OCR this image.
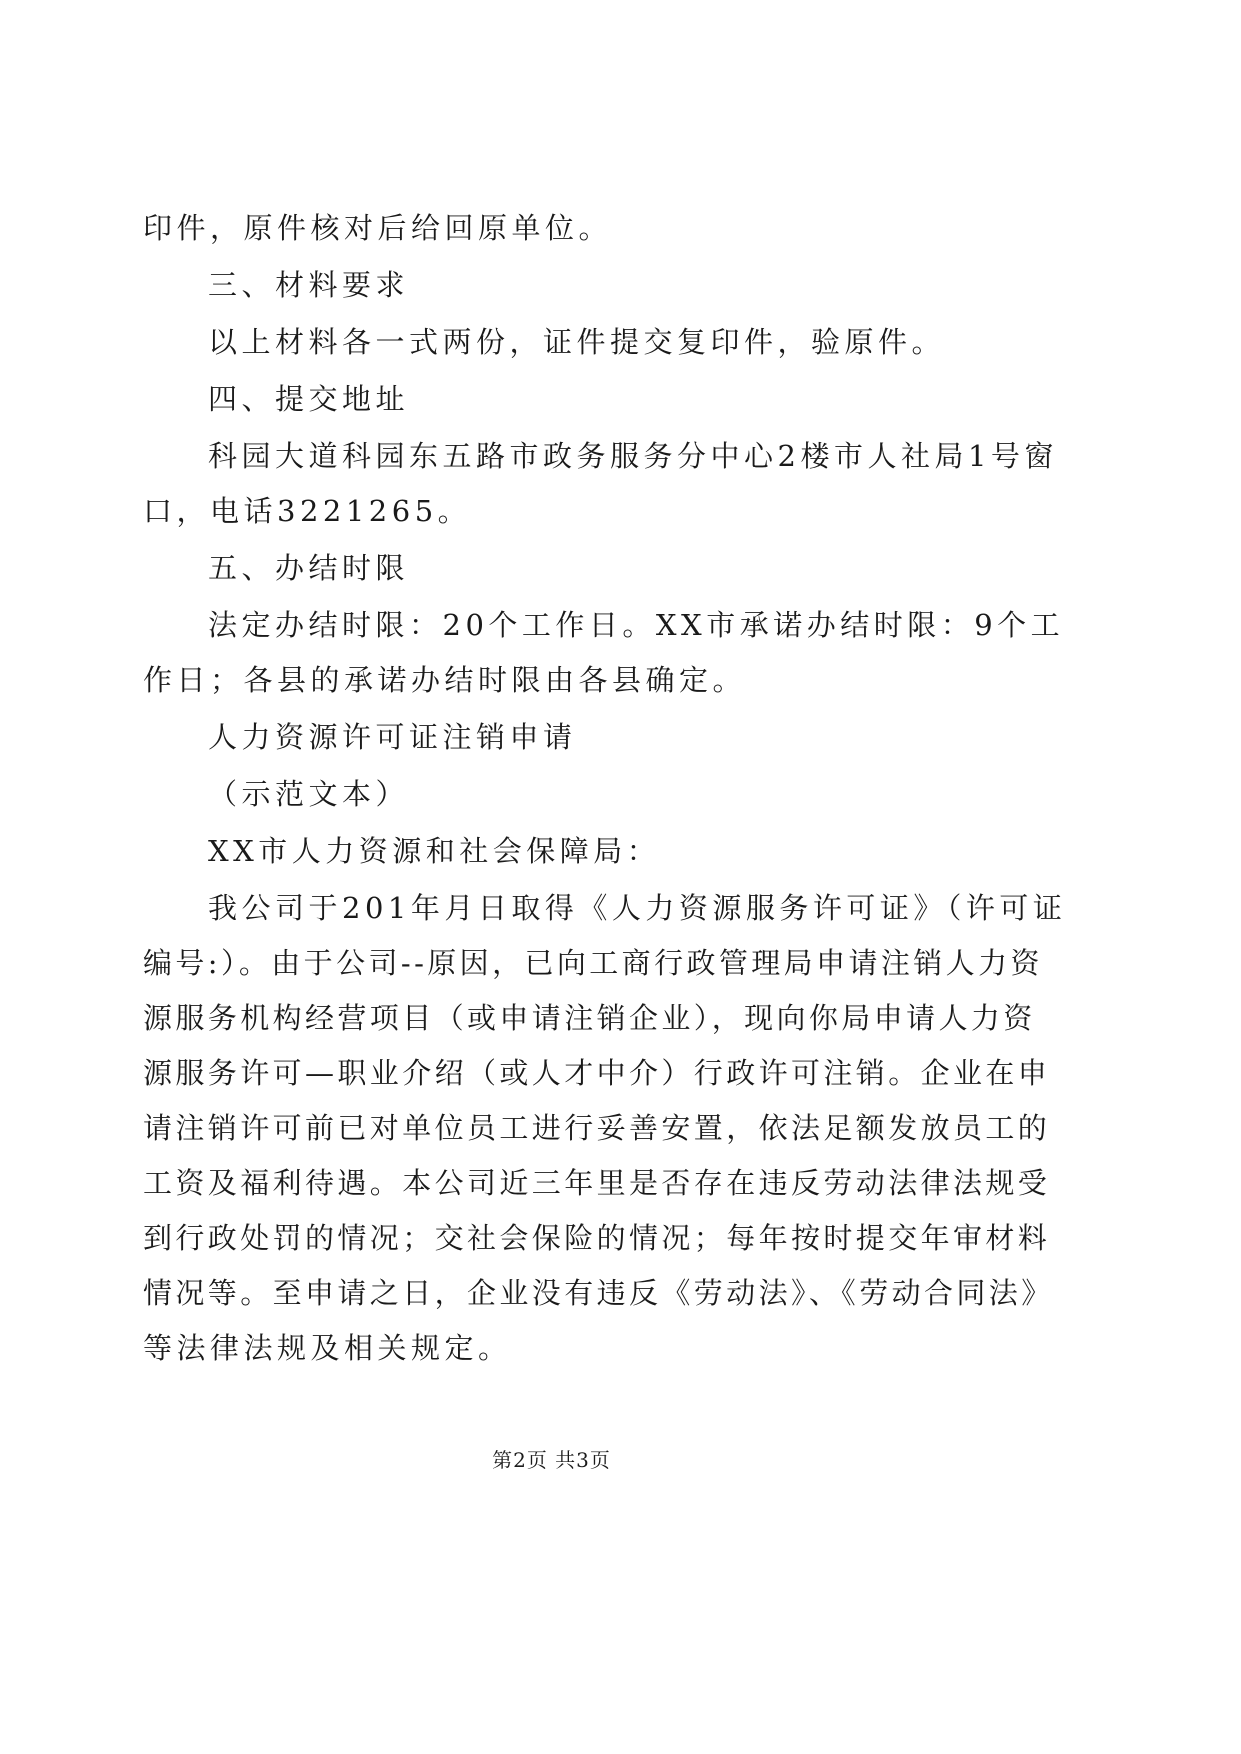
印件，原件核对后给回原单位。
三、材料要求
以上材料各一式两份，证件提交复印件，验原件。
四、提交地址
科园大道科园东五路市政务服务分中心2楼市人社局1号窗
口，电话3221265。
五、办结时限
法定办结时限：20个工作日。XX市承诺办结时限：9个工
作日；各县的承诺办结时限由各县确定。
人力资源许可证注销申请
（示范文本）
XX市人力资源和社会保障局：
我公司于201年月日取得《人力资源服务许可证》（许可证
编号:）。由于公司--原因，已向工商行政管理局申请注销人力资
源服务机构经营项目（或申请注销企业），现向你局申请人力资
源服务许可—职业介绍（或人才中介）行政许可注销。企业在申
请注销许可前已对单位员工进行妥善安置，依法足额发放员工的
工资及福利待遇。本公司近三年里是否存在违反劳动法律法规受
到行政处罚的情况；交社会保险的情况；每年按时提交年审材料
情况等。至申请之日，企业没有违反《劳动法》、《劳动合同法》
等法律法规及相关规定。
第2页 共3页
